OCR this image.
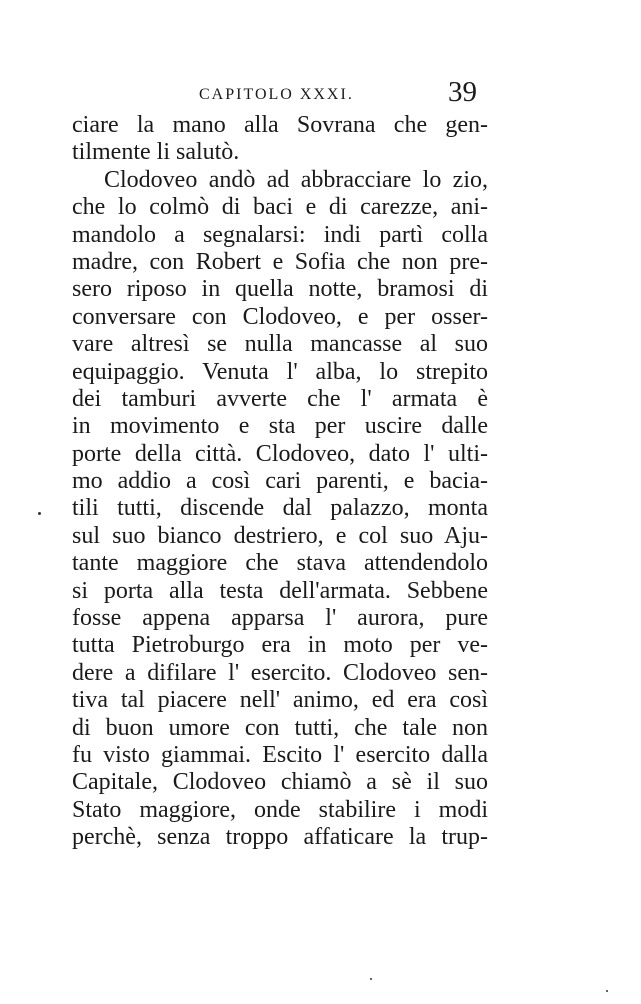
CAPITOLO XXXI.	39
ciare la mano alla Sovrana che gen-
tilmente li salutò.
Clodoveo andò ad abbracciare lo zio,
che lo colmò di baci e di carezze, ani-
mandolo a segnalarsi: indi partì colla
madre, con Robert e Sofia che non pre-
sero riposo in quella notte, bramosi di
conversare con Clodoveo, e per osser-
vare altresì se nulla mancasse al suo
equipaggio. Venuta l' alba, lo strepito
dei tamburi avverte che l' armata è
in movimento e sta per uscire dalle
porte della città. Clodoveo, dato l' ulti-
mo addio a così cari parenti, e bacia-
tili tutti, discende dal palazzo, monta
sul suo bianco destriero, e col suo Aju-
tante maggiore che stava attendendolo
si porta alla testa dell'armata. Sebbene
fosse appena apparsa l' aurora, pure
tutta Pietroburgo era in moto per ve-
dere a difilare l' esercito. Clodoveo sen-
tiva tal piacere nell' animo, ed era così
di buon umore con tutti, che tale non
fu visto giammai. Escito l' esercito dalla
Capitale, Clodoveo chiamò a sè il suo
Stato maggiore, onde stabilire i modi
perchè, senza troppo affaticare la trup-
